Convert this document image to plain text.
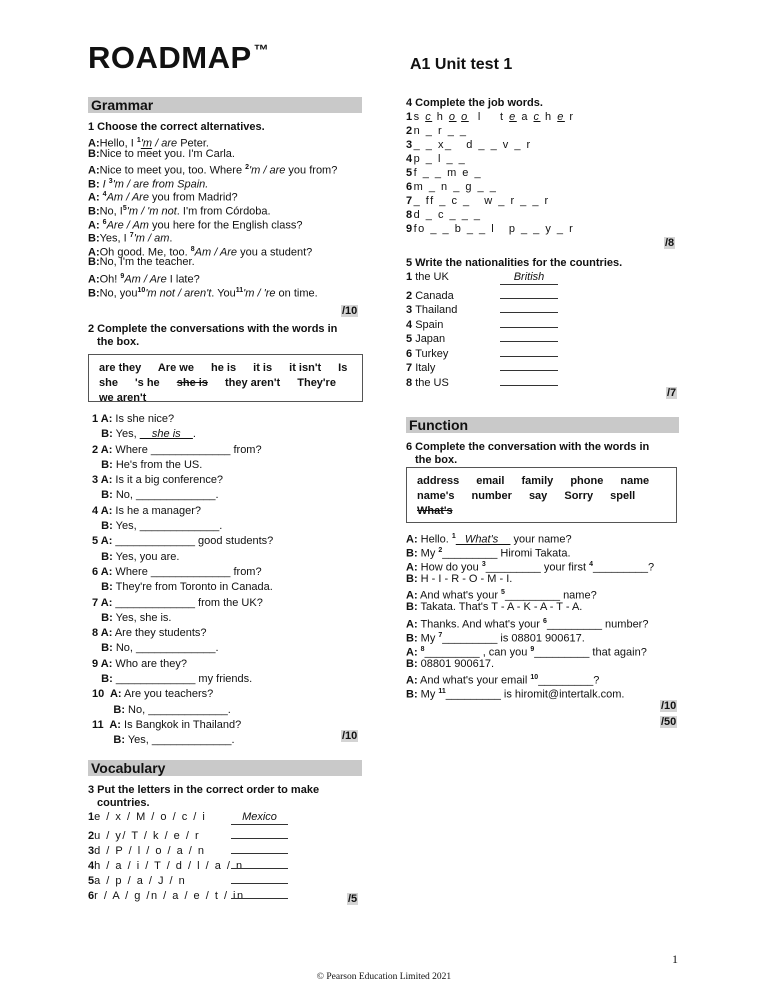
ROADMAP ™
A1 Unit test 1
Grammar
1 Choose the correct alternatives.
A:Hello, I $^1$'m / are Peter.
B:Nice to meet you. I'm Carla.
A:Nice to meet you, too. Where $^2$'m / are you from?
B: I $^3$'m / are from Spain.
A: $^4$Am / Are you from Madrid?
B:No, $I^5'm$ / 'm not. I'm from Córdoba.
A: $^6$Are / Am you here for the English class?
B:Yes, I $^7$'m / am.
A:Oh good. Me, too. $^8$Am / Are you a student?
B:No, I'm the teacher.
A:Oh! $^9$Am / Are I late?
B:No, you$^{10}$'m not / aren't. You$^{11}$'m / 're on time.
/10
2 Complete the conversations with the words in
the box.
are they Are we he is it is it isn't Is she 's he she is they aren't They're we aren't
1 A: Is she nice?
B: Yes,     she is    .
2 A: Where _____________ from?
B: He's from the US.
3 A: Is it a big conference?
B: No, _____________.
4 A: Is he a manager?
B: Yes, _____________.
5 A: _____________ good students?
B: Yes, you are.
6 A: Where _____________ from?
B: They're from Toronto in Canada.
7 A: _____________ from the UK?
B: Yes, she is.
8 A: Are they students?
B: No, _____________.
9 A: Who are they?
B: _____________ my friends.
10  A: Are you teachers?
B: No, _____________.
11  A: Is Bangkok in Thailand?
B: Yes, _____________.	/10
Vocabulary
3 Put the letters in the correct order to make
countries.
1e / x / M / o / c / i	Mexico
2u / y/ T / k / e / r
3d / P / l / o / a / n
4h / a / i / T / d / l / a / n
5a / p / a / J / n
6r / A / g /n / a / e / t / in	/5
4 Complete the job words.
1s c h o o  l    t e a c h e r
2n _ r _ _
3_ _ x_   d _ _ v _ r
4p _ l _ _
5f _ _ m e _
6m _ n _ g _ _
7_ ff _ c _   w _ r _ _ r
8d _ c _ _ _
9fo _ _ b _ _ l   p _ _ y _ r
/8
5 Write the nationalities for the countries.
1 the UK	British
2 Canada
3 Thailand
4 Spain
5 Japan
6 Turkey
7 Italy
8 the US
/7
Function
6 Complete the conversation with the words in
the box.
address email family phone name name's number say Sorry spell What's
A: Hello. $^1$   What's     your name?
B: My $^2$_________ Hiromi Takata.
A: How do you $^3$_________ your first $^4$_________?
B: H - I - R - O - M - I.
A: And what's your $^5$_________ name?
B: Takata. That's T - A - K - A - T - A.
A: Thanks. And what's your $^6$_________ number?
B: My $^7$_________ is 08801 900617.
A: $^8$_________ , can you $^9$_________ that again?
B: 08801 900617.
A: And what's your email $^{10}$_________?
B: My $^{11}$_________ is hiromit@intertalk.com.
/10
/50
1
© Pearson Education Limited 2021
